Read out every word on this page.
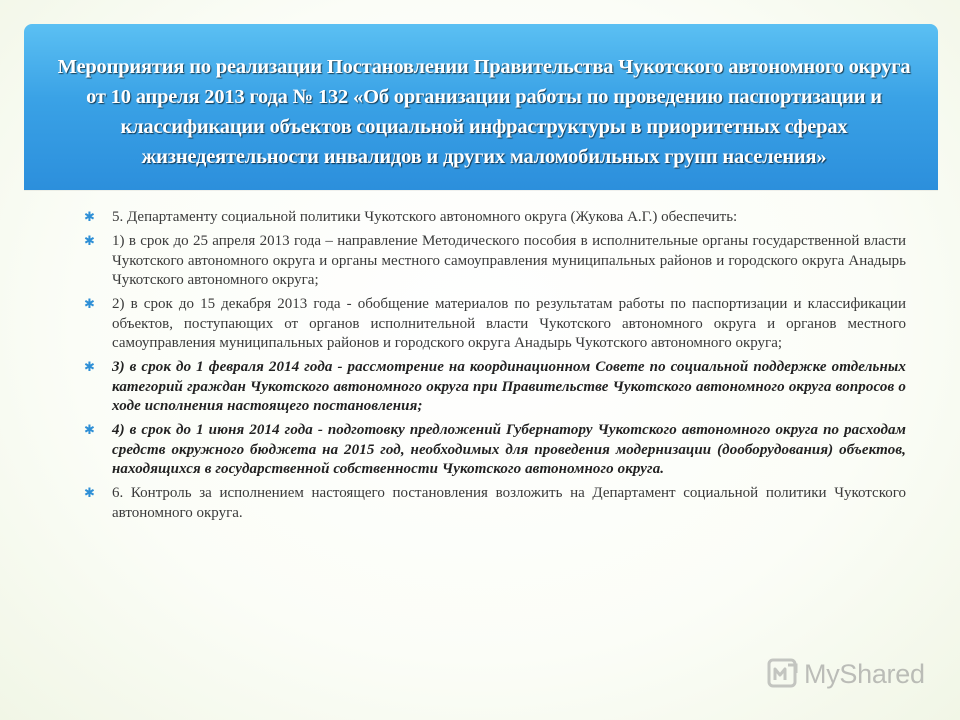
Мероприятия по реализации Постановлении Правительства Чукотского автономного округа
от 10 апреля 2013 года № 132 «Об организации работы по проведению паспортизации и
классификации объектов социальной инфраструктуры в приоритетных сферах
жизнедеятельности инвалидов и других маломобильных групп населения»
✱ 5. Департаменту социальной политики Чукотского автономного округа (Жукова А.Г.) обеспечить:
✱ 1) в срок до 25 апреля 2013 года – направление Методического пособия в исполнительные органы государственной власти Чукотского автономного округа и органы местного самоуправления муниципальных районов и городского округа Анадырь Чукотского автономного округа;
✱ 2) в срок до 15 декабря 2013 года - обобщение материалов по результатам работы по паспортизации и классификации объектов, поступающих от органов исполнительной власти Чукотского автономного округа и органов местного самоуправления муниципальных районов и городского округа Анадырь Чукотского автономного округа;
✱ 3) в срок до 1 февраля 2014 года - рассмотрение на координационном Совете по социальной поддержке отдельных категорий граждан Чукотского автономного округа при Правительстве Чукотского автономного округа вопросов о ходе исполнения настоящего постановления;
✱ 4) в срок до 1 июня 2014 года - подготовку предложений Губернатору Чукотского автономного округа по расходам средств окружного бюджета на 2015 год, необходимых для проведения модернизации (дооборудования) объектов, находящихся в государственной собственности Чукотского автономного округа.
✱ 6. Контроль за исполнением настоящего постановления возложить на Департамент социальной политики Чукотского автономного округа.
MyShared
